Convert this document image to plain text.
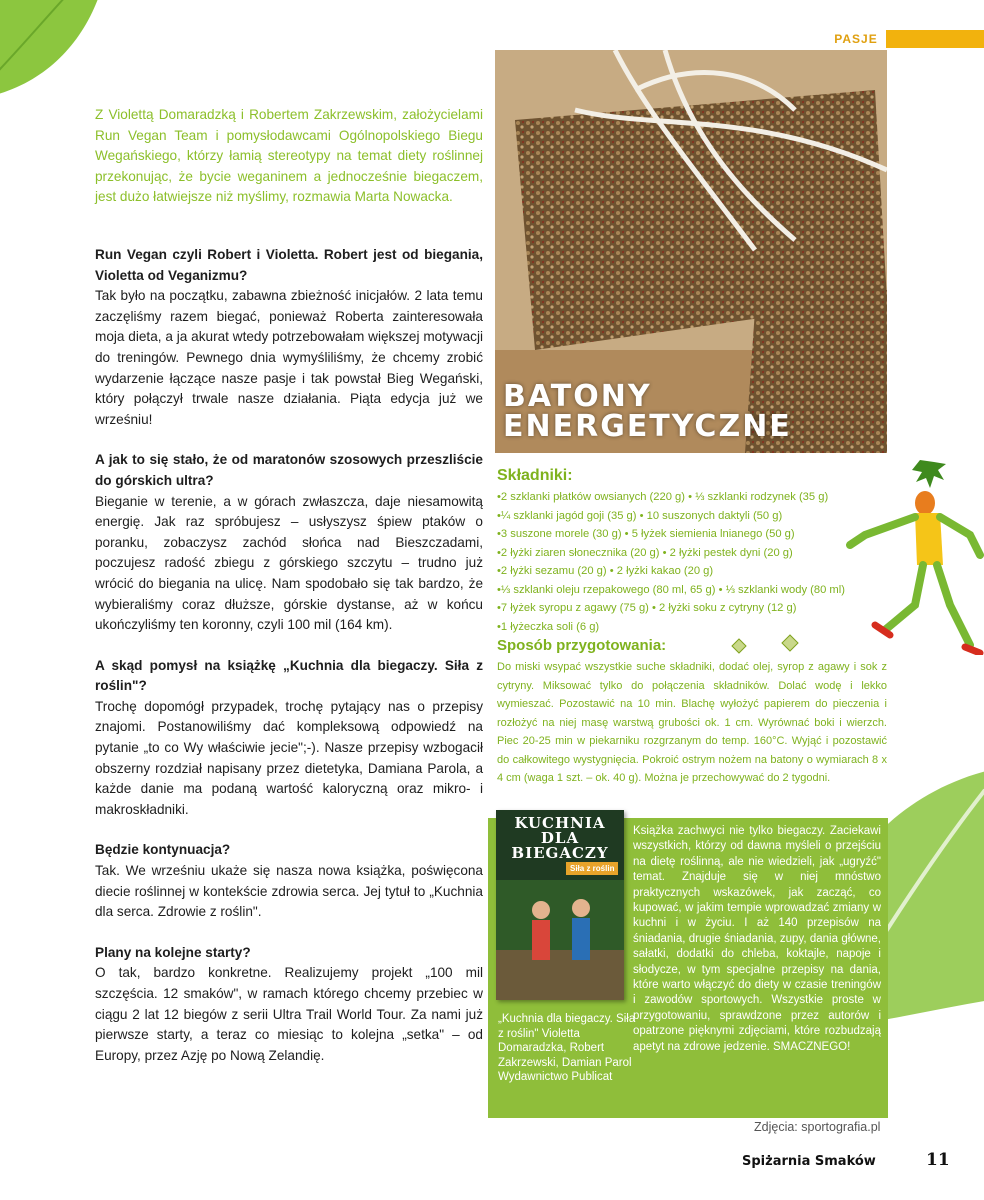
PASJE

Z Violettą Domaradzką i Robertem Zakrzewskim, założycielami Run Vegan Team i pomysłodawcami Ogólnopolskiego Biegu Wegańskiego, którzy łamią stereotypy na temat diety roślinnej przekonując, że bycie weganinem a jednocześnie biegaczem, jest dużo łatwiejsze niż myślimy, rozmawia Marta Nowacka.

Run Vegan czyli Robert i Violetta. Robert jest od biegania, Violetta od Veganizmu?

Tak było na początku, zabawna zbieżność inicjałów. 2 lata temu zaczęliśmy razem biegać, ponieważ Roberta zainteresowała moja dieta, a ja akurat wtedy potrzebowałam większej motywacji do treningów. Pewnego dnia wymyśliliśmy, że chcemy zrobić wydarzenie łączące nasze pasje i tak powstał Bieg Wegański, który połączył trwale nasze działania. Piąta edycja już we wrześniu!

A jak to się stało, że od maratonów szosowych przeszliście do górskich ultra?

Bieganie w terenie, a w górach zwłaszcza, daje niesamowitą energię. Jak raz spróbujesz – usłyszysz śpiew ptaków o poranku, zobaczysz zachód słońca nad Bieszczadami, poczujesz radość zbiegu z górskiego szczytu – trudno już wrócić do biegania na ulicę. Nam spodobało się tak bardzo, że wybieraliśmy coraz dłuższe, górskie dystanse, aż w końcu ukończyliśmy ten koronny, czyli 100 mil (164 km).

A skąd pomysł na książkę „Kuchnia dla biegaczy. Siła z roślin"?

Trochę dopomógł przypadek, trochę pytający nas o przepisy znajomi. Postanowiliśmy dać kompleksową odpowiedź na pytanie „to co Wy właściwie jecie";-). Nasze przepisy wzbogacił obszerny rozdział napisany przez dietetyka, Damiana Parola, a każde danie ma podaną wartość kaloryczną oraz mikro- i makroskładniki.

Będzie kontynuacja?

Tak. We wrześniu ukaże się nasza nowa książka, poświęcona diecie roślinnej w kontekście zdrowia serca. Jej tytuł to „Kuchnia dla serca. Zdrowie z roślin".

Plany na kolejne starty?

O tak, bardzo konkretne. Realizujemy projekt „100 mil szczęścia. 12 smaków", w ramach którego chcemy przebiec w ciągu 2 lat 12 biegów z serii Ultra Trail World Tour. Za nami już pierwsze starty, a teraz co miesiąc to kolejna „setka" – od Europy, przez Azję po Nową Zelandię.

BATONY
ENERGETYCZNE
Składniki:
• 2 szklanki płatków owsianych (220 g) • ⅓ szklanki rodzynek (35 g)
• ¼ szklanki jagód goji (35 g) • 10 suszonych daktyli (50 g)
• 3 suszone morele (30 g) • 5 łyżek siemienia lnianego (50 g)
• 2 łyżki ziaren słonecznika (20 g) • 2 łyżki pestek dyni (20 g)
• 2 łyżki sezamu (20 g) • 2 łyżki kakao (20 g)
• ⅓ szklanki oleju rzepakowego (80 ml, 65 g) • ⅓ szklanki wody (80 ml)
• 7 łyżek syropu z agawy (75 g) • 2 łyżki soku z cytryny (12 g)
• 1 łyżeczka soli (6 g)
Sposób przygotowania:

Do miski wsypać wszystkie suche składniki, dodać olej, syrop z agawy i sok z cytryny. Miksować tylko do połączenia składników. Dolać wodę i lekko wymieszać. Pozostawić na 10 min. Blachę wyłożyć papierem do pieczenia i rozłożyć na niej masę warstwą grubości ok. 1 cm. Wyrównać boki i wierzch. Piec 20-25 min w piekarniku rozgrzanym do temp. 160°C. Wyjąć i pozostawić do całkowitego wystygnięcia. Pokroić ostrym nożem na batony o wymiarach 8 x 4 cm (waga 1 szt. – ok. 40 g). Można je przechowywać do 2 tygodni.

KUCHNIA DLA BIEGACZY
Siła z roślin
„Kuchnia dla biegaczy. Siła z roślin" Violetta Domaradzka, Robert Zakrzewski, Damian Parol Wydawnictwo Publicat
Książka zachwyci nie tylko biegaczy. Zaciekawi wszystkich, którzy od dawna myśleli o przejściu na dietę roślinną, ale nie wiedzieli, jak „ugryźć" temat. Znajduje się w niej mnóstwo praktycznych wskazówek, jak zacząć, co kupować, w jakim tempie wprowadzać zmiany w kuchni i w życiu. I aż 140 przepisów na śniadania, drugie śniadania, zupy, dania główne, sałatki, dodatki do chleba, koktajle, napoje i słodycze, w tym specjalne przepisy na dania, które warto włączyć do diety w czasie treningów i zawodów sportowych. Wszystkie proste w przygotowaniu, sprawdzone przez autorów i opatrzone pięknymi zdjęciami, które rozbudzają apetyt na zdrowe jedzenie. SMACZNEGO!
Zdjęcia: sportografia.pl
Spiżarnia Smaków	11
